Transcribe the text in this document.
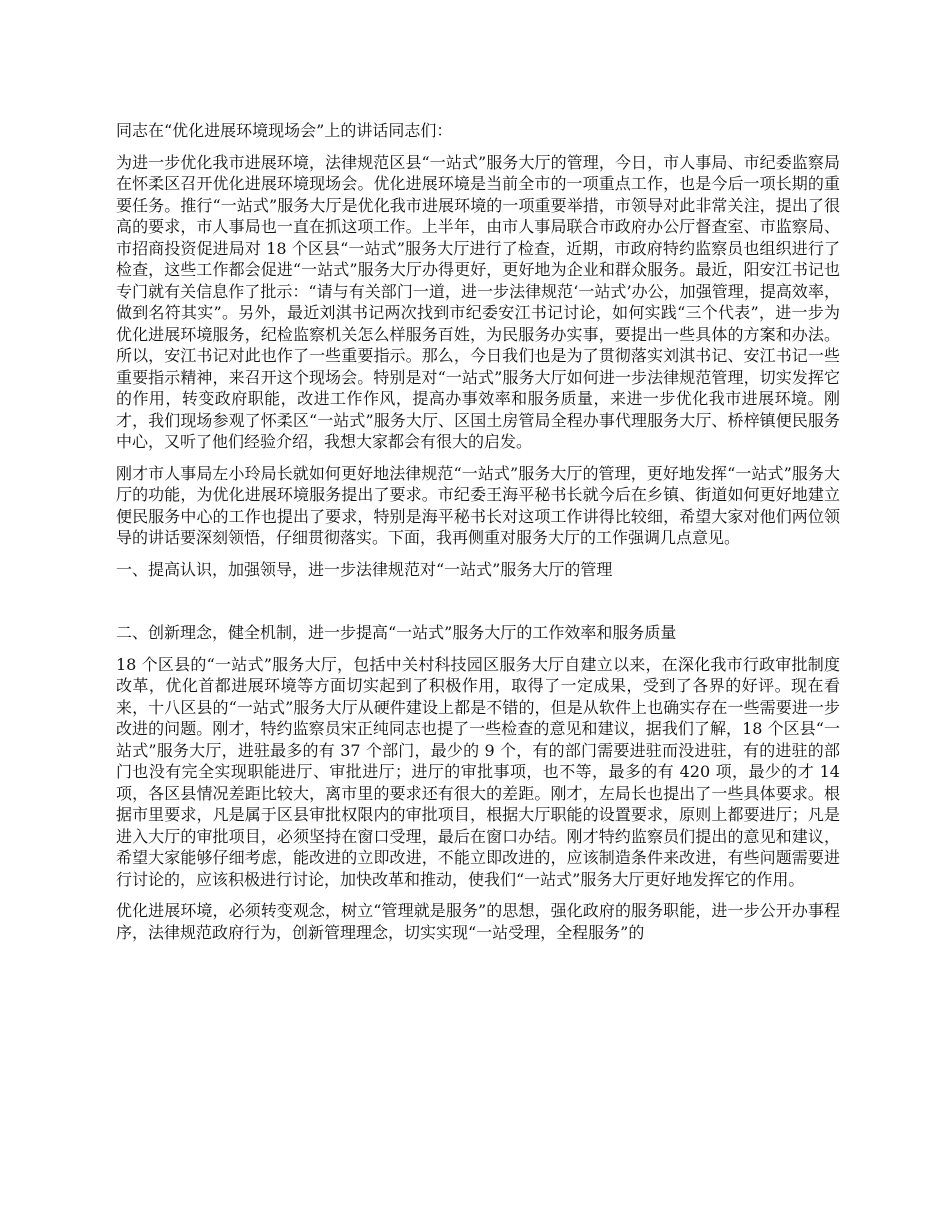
同志在“优化进展环境现场会”上的讲话同志们：

为进一步优化我市进展环境，法律规范区县“一站式”服务大厅的管理，今日，市人事局、市纪委监察局在怀柔区召开优化进展环境现场会。优化进展环境是当前全市的一项重点工作，也是今后一项长期的重要任务。推行“一站式”服务大厅是优化我市进展环境的一项重要举措，市领导对此非常关注，提出了很高的要求，市人事局也一直在抓这项工作。上半年，由市人事局联合市政府办公厅督查室、市监察局、市招商投资促进局对 18 个区县“一站式”服务大厅进行了检查，近期，市政府特约监察员也组织进行了检查，这些工作都会促进“一站式”服务大厅办得更好，更好地为企业和群众服务。最近，阳安江书记也专门就有关信息作了批示：“请与有关部门一道，进一步法律规范‘一站式’办公，加强管理，提高效率，做到名符其实”。另外，最近刘淇书记两次找到市纪委安江书记讨论，如何实践“三个代表”，进一步为优化进展环境服务，纪检监察机关怎么样服务百姓，为民服务办实事，要提出一些具体的方案和办法。所以，安江书记对此也作了一些重要指示。那么，今日我们也是为了贯彻落实刘淇书记、安江书记一些重要指示精神，来召开这个现场会。特别是对“一站式”服务大厅如何进一步法律规范管理，切实发挥它的作用，转变政府职能，改进工作作风，提高办事效率和服务质量，来进一步优化我市进展环境。刚才，我们现场参观了怀柔区“一站式”服务大厅、区国土房管局全程办事代理服务大厅、桥梓镇便民服务中心，又听了他们经验介绍，我想大家都会有很大的启发。

刚才市人事局左小玲局长就如何更好地法律规范“一站式”服务大厅的管理，更好地发挥“一站式”服务大厅的功能，为优化进展环境服务提出了要求。市纪委王海平秘书长就今后在乡镇、街道如何更好地建立便民服务中心的工作也提出了要求，特别是海平秘书长对这项工作讲得比较细，希望大家对他们两位领导的讲话要深刻领悟，仔细贯彻落实。下面，我再侧重对服务大厅的工作强调几点意见。

一、提高认识，加强领导，进一步法律规范对“一站式”服务大厅的管理

二、创新理念，健全机制，进一步提高“一站式”服务大厅的工作效率和服务质量

18 个区县的“一站式”服务大厅，包括中关村科技园区服务大厅自建立以来，在深化我市行政审批制度改革，优化首都进展环境等方面切实起到了积极作用，取得了一定成果，受到了各界的好评。现在看来，十八区县的“一站式”服务大厅从硬件建设上都是不错的，但是从软件上也确实存在一些需要进一步改进的问题。刚才，特约监察员宋正纯同志也提了一些检查的意见和建议，据我们了解，18 个区县“一站式”服务大厅，进驻最多的有 37 个部门，最少的 9 个，有的部门需要进驻而没进驻，有的进驻的部门也没有完全实现职能进厅、审批进厅；进厅的审批事项，也不等，最多的有 420 项，最少的才 14 项，各区县情况差距比较大，离市里的要求还有很大的差距。刚才，左局长也提出了一些具体要求。根据市里要求，凡是属于区县审批权限内的审批项目，根据大厅职能的设置要求，原则上都要进厅；凡是进入大厅的审批项目，必须坚持在窗口受理，最后在窗口办结。刚才特约监察员们提出的意见和建议，希望大家能够仔细考虑，能改进的立即改进，不能立即改进的，应该制造条件来改进，有些问题需要进行讨论的，应该积极进行讨论，加快改革和推动，使我们“一站式”服务大厅更好地发挥它的作用。

优化进展环境，必须转变观念，树立“管理就是服务”的思想，强化政府的服务职能，进一步公开办事程序，法律规范政府行为，创新管理理念，切实实现“一站受理，全程服务”的
